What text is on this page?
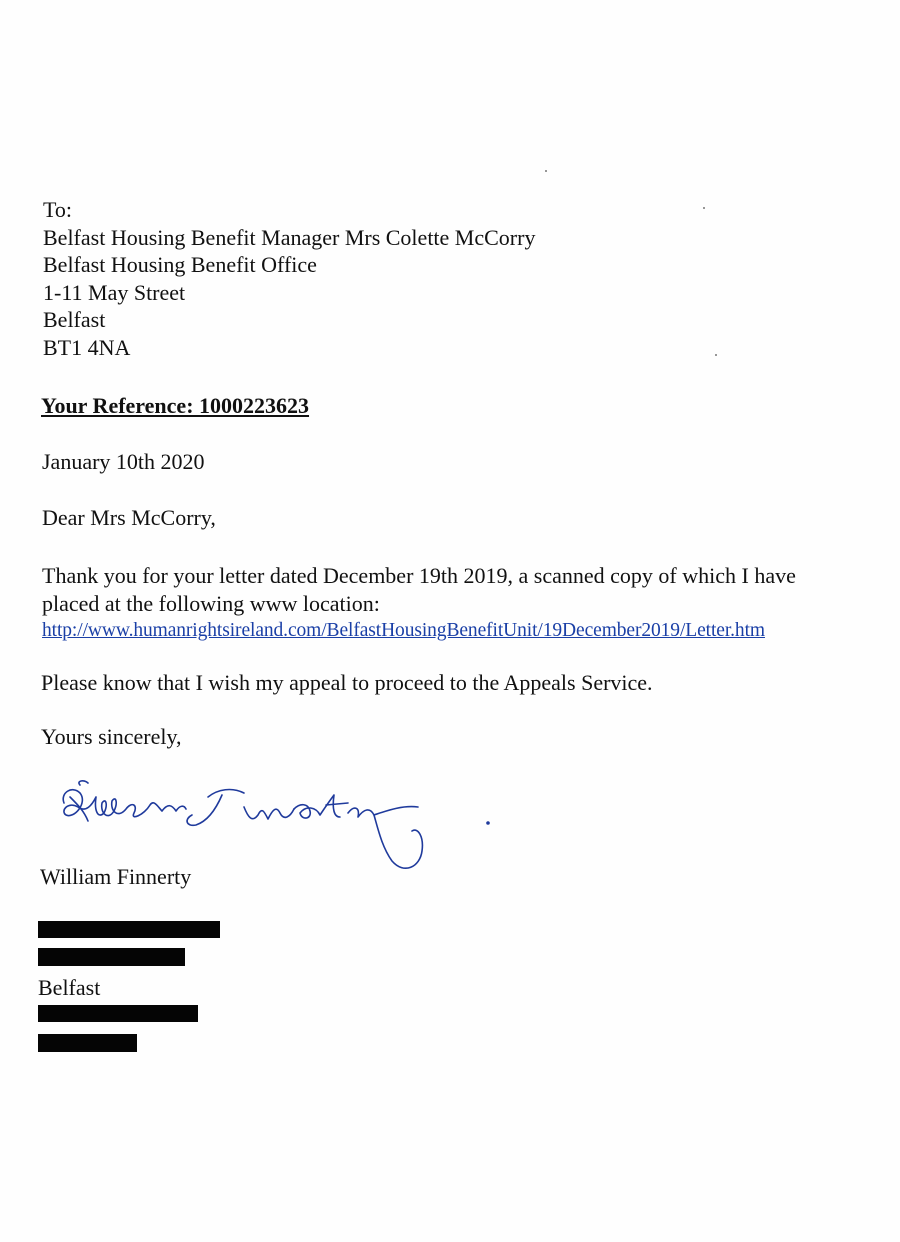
To:
Belfast Housing Benefit Manager Mrs Colette McCorry
Belfast Housing Benefit Office
1-11 May Street
Belfast
BT1 4NA
Your Reference: 1000223623
January 10th 2020
Dear Mrs McCorry,
Thank you for your letter dated December 19th 2019, a scanned copy of which I have
placed at the following www location:
http://www.humanrightsireland.com/BelfastHousingBenefitUnit/19December2019/Letter.htm
Please know that I wish my appeal to proceed to the Appeals Service.
Yours sincerely,
William Finnerty
Belfast
